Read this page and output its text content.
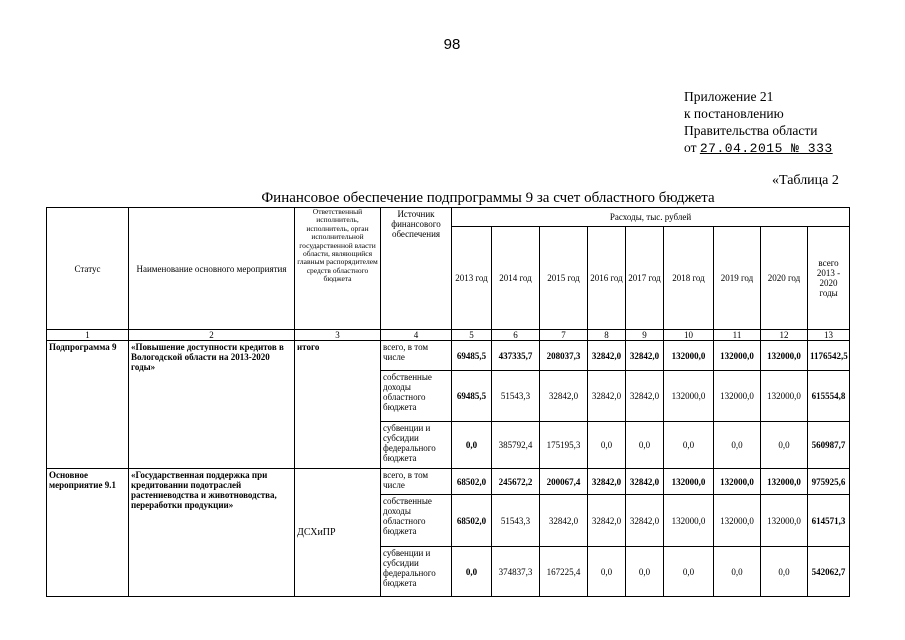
98
Приложение 21
к постановлению
Правительства области
от 27.04.2015 № 333
«Таблица 2
Финансовое обеспечение подпрограммы 9 за счет областного бюджета
Статус	Наименование основного мероприятия	Ответственный исполнитель, исполнитель, орган исполнительной государственной власти области, являющийся главным распорядителем средств областного бюджета	Источник финансового обеспечения	Расходы, тыс. рублей								
				2013 год	2014 год	2015 год	2016 год	2017 год	2018 год	2019 год	2020 год	всего 2013 - 2020 годы
1	2	3	4	5	6	7	8	9	10	11	12	13
Подпрограмма 9	«Повышение доступности кредитов в Вологодской области на 2013-2020 годы»	итого	всего, в том числе	69485,5	437335,7	208037,3	32842,0	32842,0	132000,0	132000,0	132000,0	1176542,5
			собственные доходы областного бюджета	69485,5	51543,3	32842,0	32842,0	32842,0	132000,0	132000,0	132000,0	615554,8
			субвенции и субсидии федерального бюджета	0,0	385792,4	175195,3	0,0	0,0	0,0	0,0	0,0	560987,7
Основное мероприятие 9.1	«Государственная поддержка при кредитовании подотраслей растениеводства и животноводства, переработки продукции»	ДСХиПР	всего, в том числе	68502,0	245672,2	200067,4	32842,0	32842,0	132000,0	132000,0	132000,0	975925,6
			собственные доходы областного бюджета	68502,0	51543,3	32842,0	32842,0	32842,0	132000,0	132000,0	132000,0	614571,3
			субвенции и субсидии федерального бюджета	0,0	374837,3	167225,4	0,0	0,0	0,0	0,0	0,0	542062,7
